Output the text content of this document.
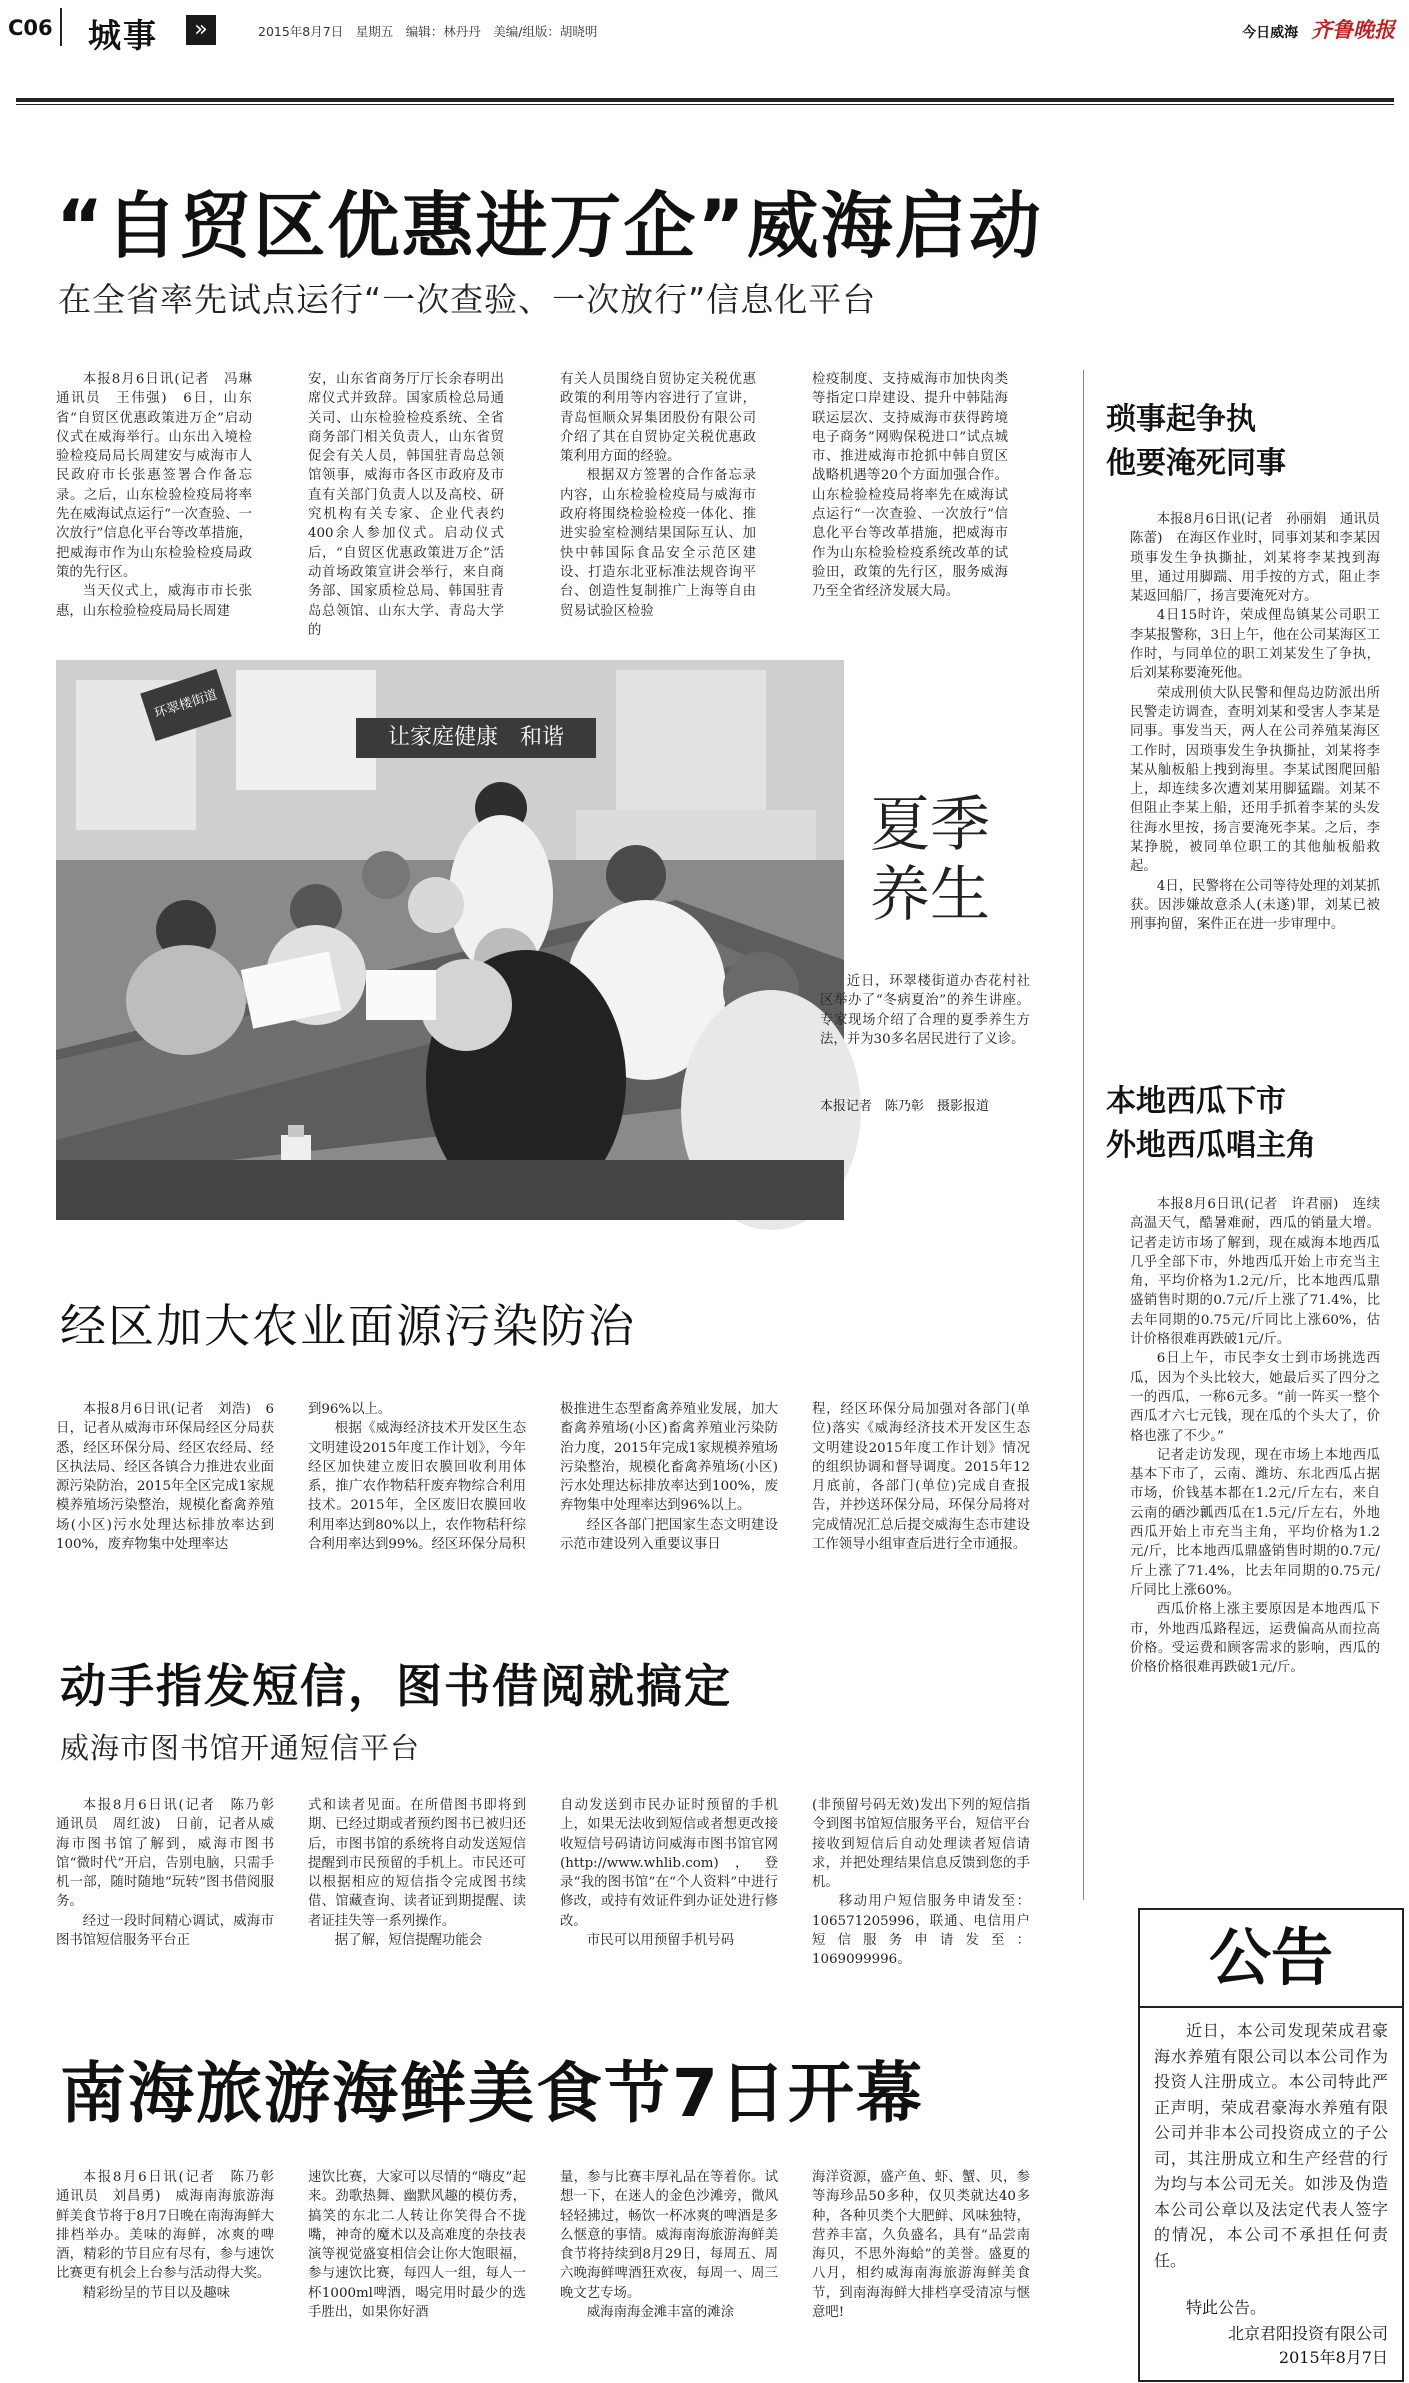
C06 城事	»	2015年8月7日　星期五　编辑：林丹丹　美编/组版：胡晓明	今日威海 齐鲁晚报
“自贸区优惠进万企”威海启动
在全省率先试点运行“一次查验、一次放行”信息化平台

本报8月6日讯(记者　冯琳　通讯员　王伟强)　6日，山东省“自贸区优惠政策进万企”启动仪式在威海举行。山东出入境检验检疫局局长周建安与威海市人民政府市长张惠签署合作备忘录。之后，山东检验检疫局将率先在威海试点运行“一次查验、一次放行”信息化平台等改革措施，把威海市作为山东检验检疫局政策的先行区。

当天仪式上，威海市市长张惠，山东检验检疫局局长周建

安，山东省商务厅厅长余春明出席仪式并致辞。国家质检总局通关司、山东检验检疫系统、全省商务部门相关负责人，山东省贸促会有关人员，韩国驻青岛总领馆领事，威海市各区市政府及市直有关部门负责人以及高校、研究机构有关专家、企业代表约400余人参加仪式。启动仪式后，“自贸区优惠政策进万企”活动首场政策宣讲会举行，来自商务部、国家质检总局、韩国驻青岛总领馆、山东大学、青岛大学的

有关人员围绕自贸协定关税优惠政策的利用等内容进行了宣讲，青岛恒顺众昇集团股份有限公司介绍了其在自贸协定关税优惠政策利用方面的经验。

根据双方签署的合作备忘录内容，山东检验检疫局与威海市政府将围绕检验检疫一体化、推进实验室检测结果国际互认、加快中韩国际食品安全示范区建设、打造东北亚标准法规咨询平台、创造性复制推广上海等自由贸易试验区检验

检疫制度、支持威海市加快肉类等指定口岸建设、提升中韩陆海联运层次、支持威海市获得跨境电子商务”网购保税进口”试点城市、推进威海市抢抓中韩自贸区战略机遇等20个方面加强合作。山东检验检疫局将率先在威海试点运行“一次查验、一次放行”信息化平台等改革措施，把威海市作为山东检验检疫系统改革的试验田，政策的先行区，服务威海乃至全省经济发展大局。

环翠楼街道
让家庭健康　和谐
夏季
养生

近日，环翠楼街道办杏花村社区举办了“冬病夏治”的养生讲座。专家现场介绍了合理的夏季养生方法，并为30多名居民进行了义诊。

本报记者　陈乃彰　摄影报道
琐事起争执
他要淹死同事

本报8月6日讯(记者　孙丽娟　通讯员　陈蕾)　在海区作业时，同事刘某和李某因琐事发生争执撕扯，刘某将李某拽到海里，通过用脚踹、用手按的方式，阻止李某返回船厂，扬言要淹死对方。

4日15时许，荣成俚岛镇某公司职工李某报警称，3日上午，他在公司某海区工作时，与同单位的职工刘某发生了争执，后刘某称要淹死他。

荣成刑侦大队民警和俚岛边防派出所民警走访调查，查明刘某和受害人李某是同事。事发当天，两人在公司养殖某海区工作时，因琐事发生争执撕扯，刘某将李某从舢板船上拽到海里。李某试图爬回船上，却连续多次遭刘某用脚猛踹。刘某不但阻止李某上船，还用手抓着李某的头发往海水里按，扬言要淹死李某。之后，李某挣脱，被同单位职工的其他舢板船救起。

4日，民警将在公司等待处理的刘某抓获。因涉嫌故意杀人(未遂)罪，刘某已被刑事拘留，案件正在进一步审理中。

本地西瓜下市
外地西瓜唱主角

本报8月6日讯(记者　许君丽)　连续高温天气，酷暑难耐，西瓜的销量大增。记者走访市场了解到，现在威海本地西瓜几乎全部下市，外地西瓜开始上市充当主角，平均价格为1.2元/斤，比本地西瓜鼎盛销售时期的0.7元/斤上涨了71.4%，比去年同期的0.75元/斤同比上涨60%，估计价格很难再跌破1元/斤。

6日上午，市民李女士到市场挑选西瓜，因为个头比较大，她最后买了四分之一的西瓜，一称6元多。“前一阵买一整个西瓜才六七元钱，现在瓜的个头大了，价格也涨了不少。”

记者走访发现，现在市场上本地西瓜基本下市了，云南、潍坊、东北西瓜占据市场，价钱基本都在1.2元/斤左右，来自云南的硒沙瓤西瓜在1.5元/斤左右，外地西瓜开始上市充当主角，平均价格为1.2元/斤，比本地西瓜鼎盛销售时期的0.7元/斤上涨了71.4%，比去年同期的0.75元/斤同比上涨60%。

西瓜价格上涨主要原因是本地西瓜下市，外地西瓜路程远，运费偏高从而拉高价格。受运费和顾客需求的影响，西瓜的价格价格很难再跌破1元/斤。

经区加大农业面源污染防治

本报8月6日讯(记者　刘浩)　6日，记者从威海市环保局经区分局获悉，经区环保分局、经区农经局、经区执法局、经区各镇合力推进农业面源污染防治，2015年全区完成1家规模养殖场污染整治，规模化畜禽养殖场(小区)污水处理达标排放率达到100%，废弃物集中处理率达

到96%以上。

根据《威海经济技术开发区生态文明建设2015年度工作计划》，今年经区加快建立废旧农膜回收利用体系，推广农作物秸秆废弃物综合利用技术。2015年，全区废旧农膜回收利用率达到80%以上，农作物秸秆综合利用率达到99%。经区环保分局积

极推进生态型畜禽养殖业发展，加大畜禽养殖场(小区)畜禽养殖业污染防治力度，2015年完成1家规模养殖场污染整治，规模化畜禽养殖场(小区)污水处理达标排放率达到100%，废弃物集中处理率达到96%以上。

经区各部门把国家生态文明建设示范市建设列入重要议事日

程，经区环保分局加强对各部门(单位)落实《威海经济技术开发区生态文明建设2015年度工作计划》情况的组织协调和督导调度。2015年12月底前，各部门(单位)完成自查报告，并抄送环保分局，环保分局将对完成情况汇总后提交威海生态市建设工作领导小组审查后进行全市通报。

动手指发短信，图书借阅就搞定
威海市图书馆开通短信平台

本报8月6日讯(记者　陈乃彰　通讯员　周红波)　日前，记者从威海市图书馆了解到，威海市图书馆“微时代”开启，告别电脑，只需手机一部，随时随地“玩转”图书借阅服务。

经过一段时间精心调试，威海市图书馆短信服务平台正

式和读者见面。在所借图书即将到期、已经过期或者预约图书已被归还后，市图书馆的系统将自动发送短信提醒到市民预留的手机上。市民还可以根据相应的短信指令完成图书续借、馆藏查询、读者证到期提醒、读者证挂失等一系列操作。

据了解，短信提醒功能会

自动发送到市民办证时预留的手机上，如果无法收到短信或者想更改接收短信号码请访问威海市图书馆官网(http://www.whlib.com)，登录“我的图书馆”在“个人资料”中进行修改，或持有效证件到办证处进行修改。

市民可以用预留手机号码

(非预留号码无效)发出下列的短信指令到图书馆短信服务平台，短信平台接收到短信后自动处理读者短信请求，并把处理结果信息反馈到您的手机。

移动用户短信服务申请发至：10657120599​6，联通、电信用户短信服务申请发至：1069099996。

南海旅游海鲜美食节7日开幕

本报8月6日讯(记者　陈乃彰　通讯员　刘昌勇)　威海南海旅游海鲜美食节将于8月7日晚在南海海鲜大排档举办。美味的海鲜，冰爽的啤酒，精彩的节目应有尽有，参与速饮比赛更有机会上台参与活动得大奖。

精彩纷呈的节目以及趣味

速饮比赛，大家可以尽情的“嗨皮”起来。劲歌热舞、幽默风趣的模仿秀，搞笑的东北二人转让你笑得合不拢嘴，神奇的魔术以及高难度的杂技表演等视觉盛宴相信会让你大饱眼福，参与速饮比赛，每四人一组，每人一杯1000ml啤酒，喝完用时最少的选手胜出，如果你好酒

量，参与比赛丰厚礼品在等着你。试想一下，在迷人的金色沙滩旁，微风轻轻拂过，畅饮一杯冰爽的啤酒是多么惬意的事情。威海南海旅游海鲜美食节将持续到8月29日，每周五、周六晚海鲜啤酒狂欢夜，每周一、周三晚文艺专场。

威海南海金滩丰富的滩涂

海洋资源，盛产鱼、虾、蟹、贝，参等海珍品50多种，仅贝类就达40多种，各种贝类个大肥鲜、风味独特，营养丰富，久负盛名，具有“品尝南海贝，不思外海蛤”的美誉。盛夏的八月，相约威海南海旅游海鲜美食节，到南海海鲜大排档享受清凉与惬意吧!

公告
近日，本公司发现荣成君豪海水养殖有限公司以本公司作为投资人注册成立。本公司特此严正声明，荣成君豪海水养殖有限公司并非本公司投资成立的子公司，其注册成立和生产经营的行为均与本公司无关。如涉及伪造本公司公章以及法定代表人签字的情况，本公司不承担任何责任。
特此公告。
北京君阳投资有限公司
2015年8月7日
